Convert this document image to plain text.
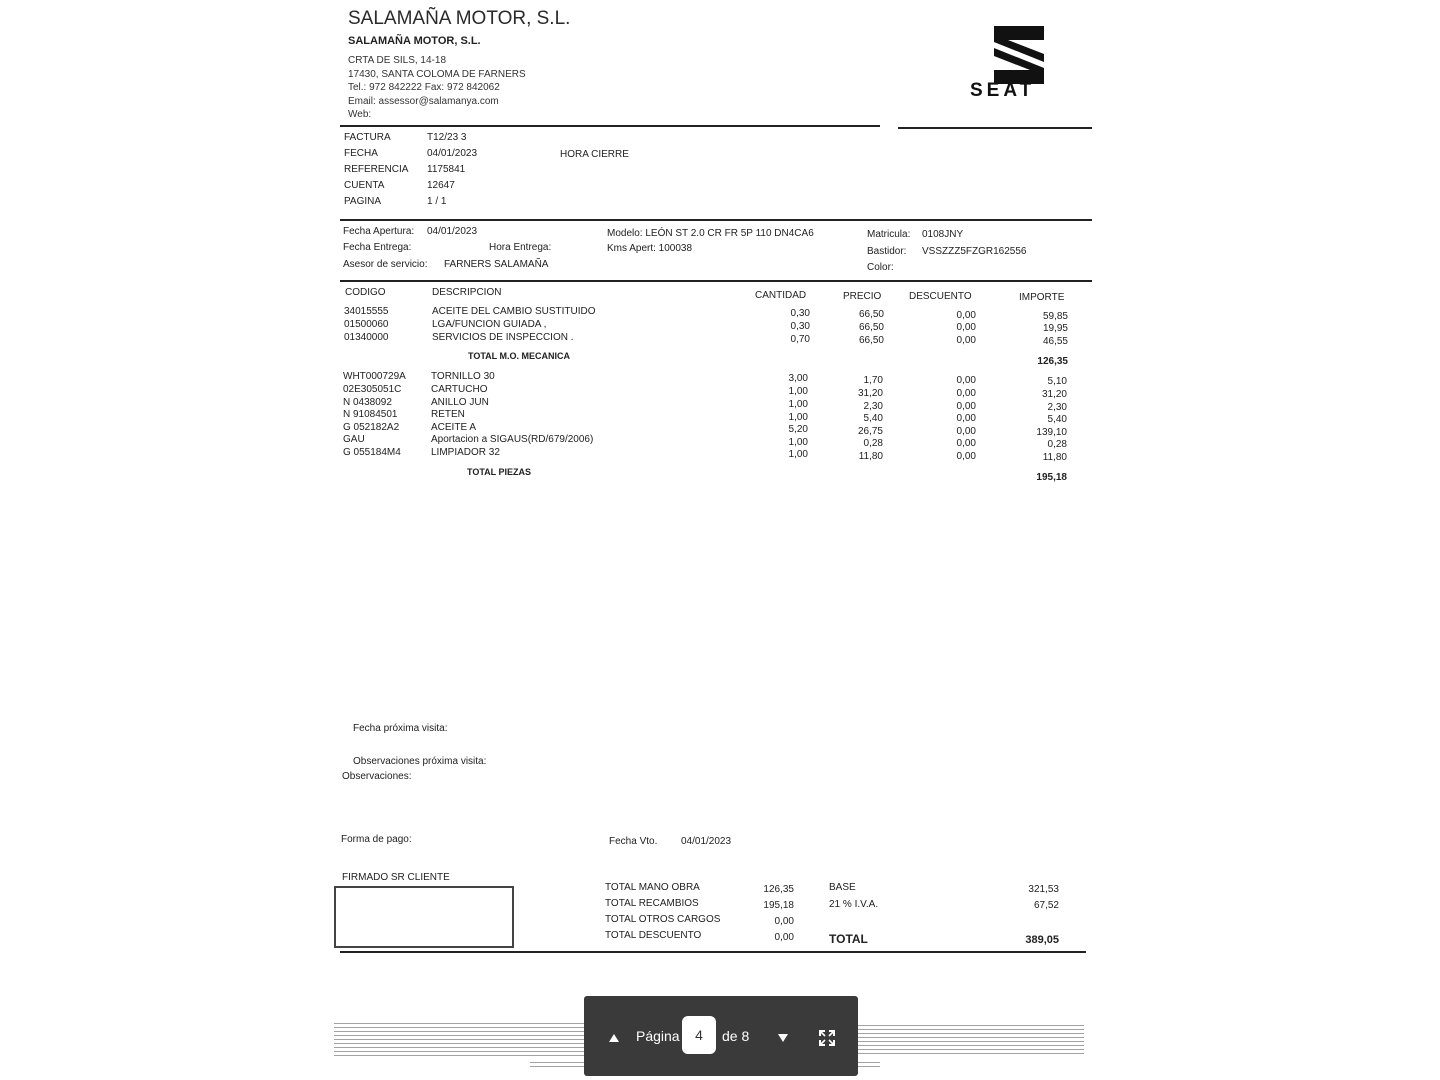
SALAMAÑA MOTOR, S.L.
SALAMAÑA MOTOR, S.L.
CRTA DE SILS, 14-18
17430, SANTA COLOMA DE FARNERS
Tel.: 972 842222 Fax: 972 842062
Email: assessor@salamanya.com
Web:
SEAT
FACTURA	T12/23 3
FECHA	04/01/2023	HORA CIERRE
REFERENCIA 1175841
CUENTA	12647
PAGINA	1 / 1
Fecha Apertura: 04/01/2023
Fecha Entrega:	Hora Entrega:
Asesor de servicio: FARNERS SALAMAÑA
Modelo: LEÓN ST 2.0 CR FR 5P 110 DN4CA6
Kms Apert: 100038
Matricula: 0108JNY
Bastidor: VSSZZZ5FZGR162556
Color:
CODIGO	DESCRIPCION	CANTIDAD	PRECIO	DESCUENTO	IMPORTE
34015555	ACEITE DEL CAMBIO SUSTITUIDO	0,30	66,50	0,00	59,85
01500060	LGA/FUNCION GUIADA ,	0,30	66,50	0,00	19,95
01340000	SERVICIOS DE INSPECCION .	0,70	66,50	0,00	46,55
TOTAL M.O. MECANICA	126,35
WHT000729A	TORNILLO 30	3,00	1,70	0,00	5,10
02E305051C	CARTUCHO	1,00	31,20	0,00	31,20
N 0438092	ANILLO JUN	1,00	2,30	0,00	2,30
N 91084501	RETEN	1,00	5,40	0,00	5,40
G 052182A2	ACEITE A	5,20	26,75	0,00	139,10
GAU	Aportacion a SIGAUS(RD/679/2006)	1,00	0,28	0,00	0,28
G 055184M4	LIMPIADOR 32	1,00	11,80	0,00	11,80
TOTAL PIEZAS	195,18
Fecha próxima visita:
Observaciones próxima visita:
Observaciones:
Forma de pago:	Fecha Vto. 04/01/2023
FIRMADO SR CLIENTE
TOTAL MANO OBRA	126,35
TOTAL RECAMBIOS	195,18
TOTAL OTROS CARGOS	0,00
TOTAL DESCUENTO	0,00
BASE	321,53
21 % I.V.A.	67,52
TOTAL	389,05
Página	4	de 8
